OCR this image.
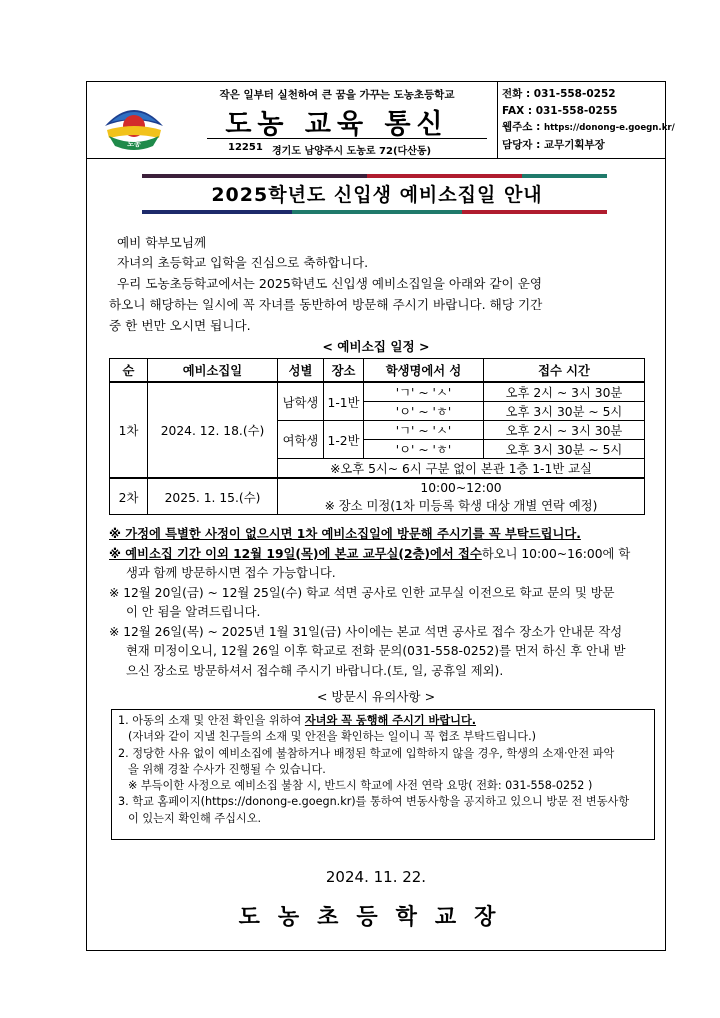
도농
작은 일부터 실천하여 큰 꿈을 가꾸는 도농초등학교
도농 교육 통신
12251 경기도 남양주시 도농로 72(다산동)
전화 : 031-558-0252
FAX : 031-558-0255
웹주소 : https://donong-e.goegn.kr/
담당자 : 교무기획부장
2025학년도 신입생 예비소집일 안내
예비 학부모님께
자녀의 초등학교 입학을 진심으로 축하합니다.
우리 도농초등학교에서는 2025학년도 신입생 예비소집일을 아래와 같이 운영
하오니 해당하는 일시에 꼭 자녀를 동반하여 방문해 주시기 바랍니다. 해당 기간
중 한 번만 오시면 됩니다.
< 예비소집 일정 >
순	예비소집일	성별	장소	학생명에서 성	접수 시간
1차	2024. 12. 18.(수)	남학생	1-1반	'ㄱ' ~ 'ㅅ'	오후 2시 ~ 3시 30분
				'ㅇ' ~ 'ㅎ'	오후 3시 30분 ~ 5시
		여학생	1-2반	'ㄱ' ~ 'ㅅ'	오후 2시 ~ 3시 30분
				'ㅇ' ~ 'ㅎ'	오후 3시 30분 ~ 5시
		※오후 5시~ 6시 구분 없이 본관 1층 1-1반 교실			
2차	2025. 1. 15.(수)	10:00~12:00			
		※ 장소 미정(1차 미등록 학생 대상 개별 연락 예정)			
※ 가정에 특별한 사정이 없으시면 1차 예비소집일에 방문해 주시기를 꼭 부탁드립니다.
※ 예비소집 기간 이외 12월 19일(목)에 본교 교무실(2층)에서 접수하오니 10:00~16:00에 학
생과 함께 방문하시면 접수 가능합니다.
※ 12월 20일(금) ~ 12월 25일(수) 학교 석면 공사로 인한 교무실 이전으로 학교 문의 및 방문
이 안 됨을 알려드립니다.
※ 12월 26일(목) ~ 2025년 1월 31일(금) 사이에는 본교 석면 공사로 접수 장소가 안내문 작성
현재 미정이오니, 12월 26일 이후 학교로 전화 문의(031-558-0252)를 먼저 하신 후 안내 받
으신 장소로 방문하셔서 접수해 주시기 바랍니다.(토, 일, 공휴일 제외).
< 방문시 유의사항 >
1. 아동의 소재 및 안전 확인을 위하여 자녀와 꼭 동행해 주시기 바랍니다.
(자녀와 같이 지낼 친구들의 소재 및 안전을 확인하는 일이니 꼭 협조 부탁드립니다.)
2. 정당한 사유 없이 예비소집에 불참하거나 배정된 학교에 입학하지 않을 경우, 학생의 소재·안전 파악
을 위해 경찰 수사가 진행될 수 있습니다.
※ 부득이한 사정으로 예비소집 불참 시, 반드시 학교에 사전 연락 요망( 전화: 031-558-0252 )
3. 학교 홈페이지(https://donong-e.goegn.kr)를 통하여 변동사항을 공지하고 있으니 방문 전 변동사항
이 있는지 확인해 주십시오.
2024. 11. 22.
도농초등학교장
